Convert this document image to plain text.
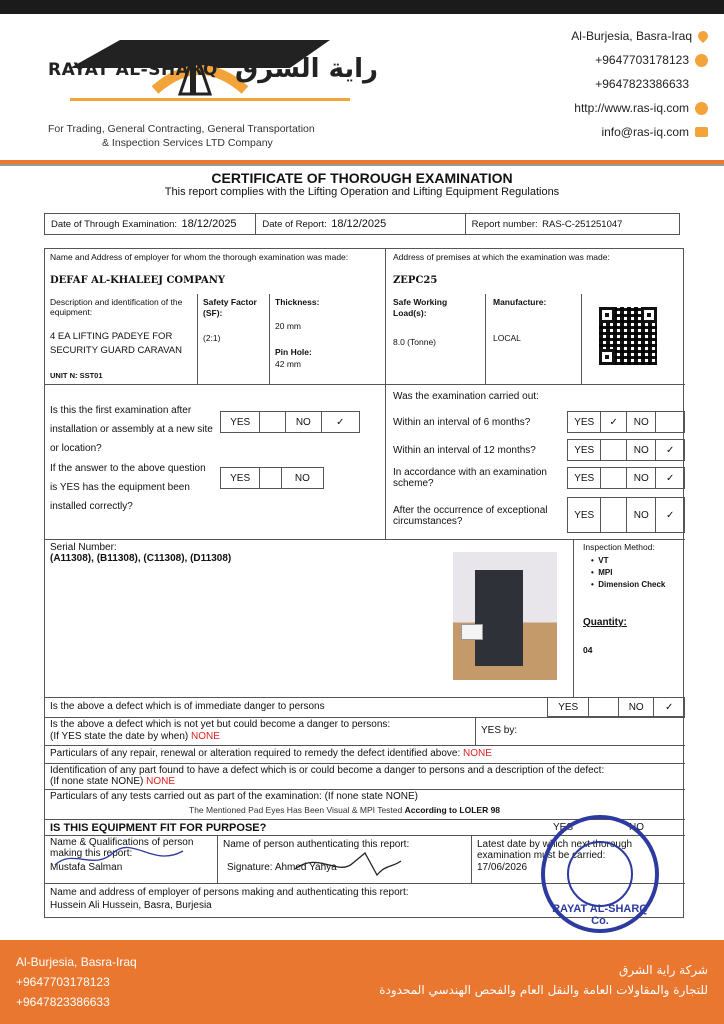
RAYAT AL-SHARQ راية الشرق
For Trading, General Contracting, General Transportation
& Inspection Services LTD Company
Al-Burjesia, Basra-Iraq
+9647703178123
+9647823386633
http://www.ras-iq.com
info@ras-iq.com
CERTIFICATE OF THOROUGH EXAMINATION
This report complies with the Lifting Operation and Lifting Equipment Regulations
Date of Through Examination:
18/12/2025	Date of Report:
18/12/2025	Report number:
RAS-C-251251047
Name and Address of employer for whom the thorough examination was made:
DEFAF AL-KHALEEJ COMPANY
Address of premises at which the examination was made:
ZEPC25
Description and identification of the equipment:
4 EA LIFTING PADEYE FOR
SECURITY GUARD CARAVAN
UNIT N: SST01
Safety Factor (SF):
(2:1)
Thickness:
20 mm
Pin Hole:
42 mm
Safe Working Load(s):
8.0 (Tonne)
Manufacture:
LOCAL
Is this the first examination after installation or assembly at a new site or location?
YES	NO	✓
If the answer to the above question is YES has the equipment been installed correctly?
YES	NO
Was the examination carried out:
Within an interval of 6 months?	YES	✓	NO
Within an interval of 12 months?	YES	NO	✓
In accordance with an examination scheme?	YES	NO	✓
After the occurrence of exceptional circumstances?
YES	NO	✓
Serial Number:
(A11308), (B11308), (C11308), (D11308)
Inspection Method:
•  VT
•  MPI
•  Dimension Check
Quantity:
04
Is the above a defect which is of immediate danger to persons	YES	NO	✓
Is the above a defect which is not yet but could become a danger to persons:
(If YES state the date by when) NONE
YES by:
Particulars of any repair, renewal or alteration required to remedy the defect identified above: NONE
Identification of any part found to have a defect which is or could become a danger to persons and a description of the defect:
(If none state NONE) NONE
Particulars of any tests carried out as part of the examination: (If none state NONE)
The Mentioned Pad Eyes Has Been Visual & MPI Tested According to LOLER 98
IS THIS EQUIPMENT FIT FOR PURPOSE?	YES	NO
Name & Qualifications of person making this report:
Mustafa Salman
Name of person authenticating this report:
Signature: Ahmed Yahya
Latest date by which next thorough examination must be carried:
17/06/2026
Name and address of employer of persons making and authenticating this report:
Hussein Ali Hussein, Basra, Burjesia	RAYAT AL-SHARQ Co.
Al-Burjesia, Basra-Iraq
+9647703178123
+9647823386633
شركة راية الشرق
للتجارة والمقاولات العامة والنقل العام والفحص الهندسي المحدودة
